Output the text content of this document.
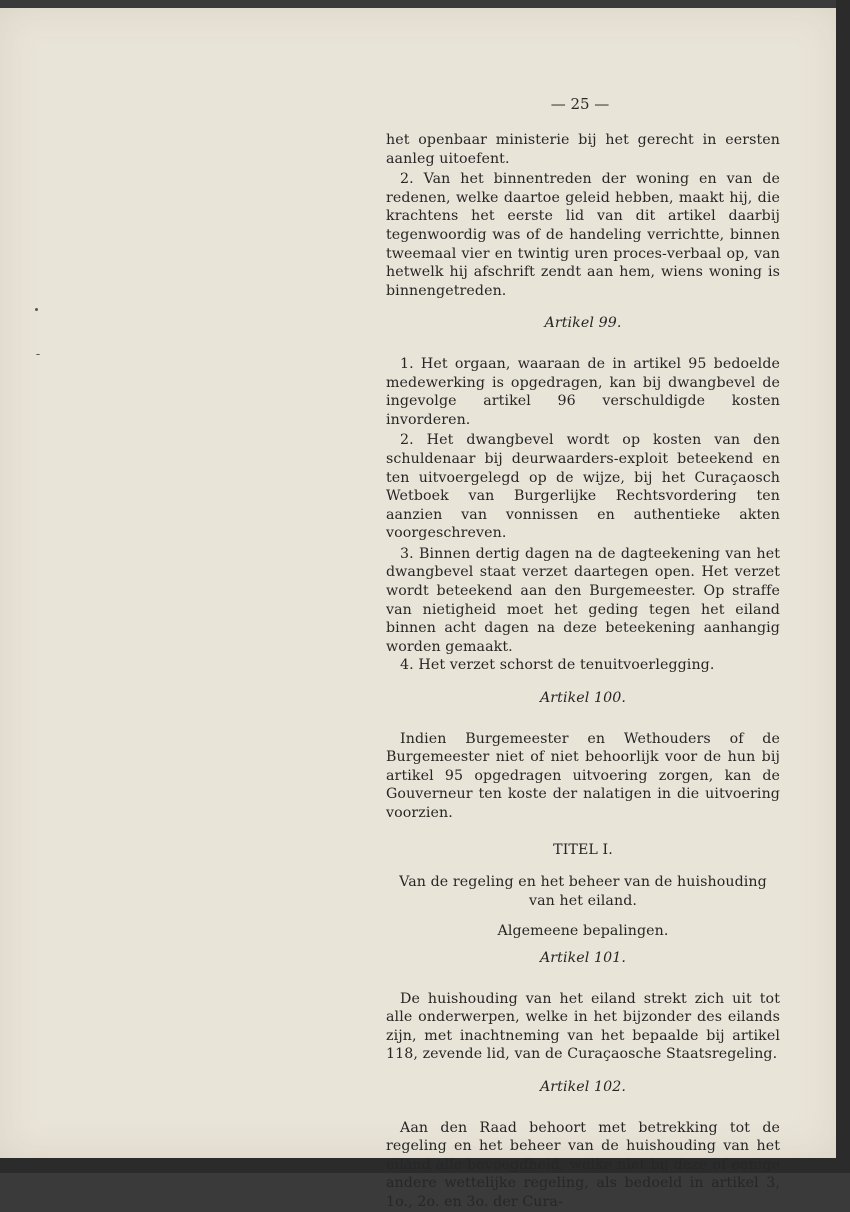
— 25 —

het openbaar ministerie bij het gerecht in eersten aanleg uitoefent.

2. Van het binnentreden der woning en van de redenen, welke daartoe geleid hebben, maakt hij, die krachtens het eerste lid van dit artikel daarbij tegenwoordig was of de handeling verrichtte, binnen tweemaal vier en twintig uren proces-verbaal op, van hetwelk hij afschrift zendt aan hem, wiens woning is binnengetreden.

Artikel 99.

1. Het orgaan, waaraan de in artikel 95 bedoelde medewerking is opgedragen, kan bij dwangbevel de ingevolge artikel 96 verschuldigde kosten invorderen.

2. Het dwangbevel wordt op kosten van den schuldenaar bij deurwaarders-exploit beteekend en ten uitvoergelegd op de wijze, bij het Curaçaosch Wetboek van Burgerlijke Rechtsvordering ten aanzien van vonnissen en authentieke akten voorgeschreven.

3. Binnen dertig dagen na de dagteekening van het dwangbevel staat verzet daartegen open. Het verzet wordt beteekend aan den Burgemeester. Op straffe van nietigheid moet het geding tegen het eiland binnen acht dagen na deze beteekening aanhangig worden gemaakt.

4. Het verzet schorst de tenuitvoerlegging.

Artikel 100.

Indien Burgemeester en Wethouders of de Burgemeester niet of niet behoorlijk voor de hun bij artikel 95 opgedragen uitvoering zorgen, kan de Gouverneur ten koste der nalatigen in die uitvoering voorzien.

TITEL I.

Van de regeling en het beheer van de huishouding van het eiland.

Algemeene bepalingen.

Artikel 101.

De huishouding van het eiland strekt zich uit tot alle onderwerpen, welke in het bijzonder des eilands zijn, met inachtneming van het bepaalde bij artikel 118, zevende lid, van de Curaçaosche Staatsregeling.

Artikel 102.

Aan den Raad behoort met betrekking tot de regeling en het beheer van de huishouding van het eiland alle bevoegdheid, welke niet bij deze of eenige andere wettelijke regeling, als bedoeld in artikel 3, 1o., 2o. en 3o. der Cura-
